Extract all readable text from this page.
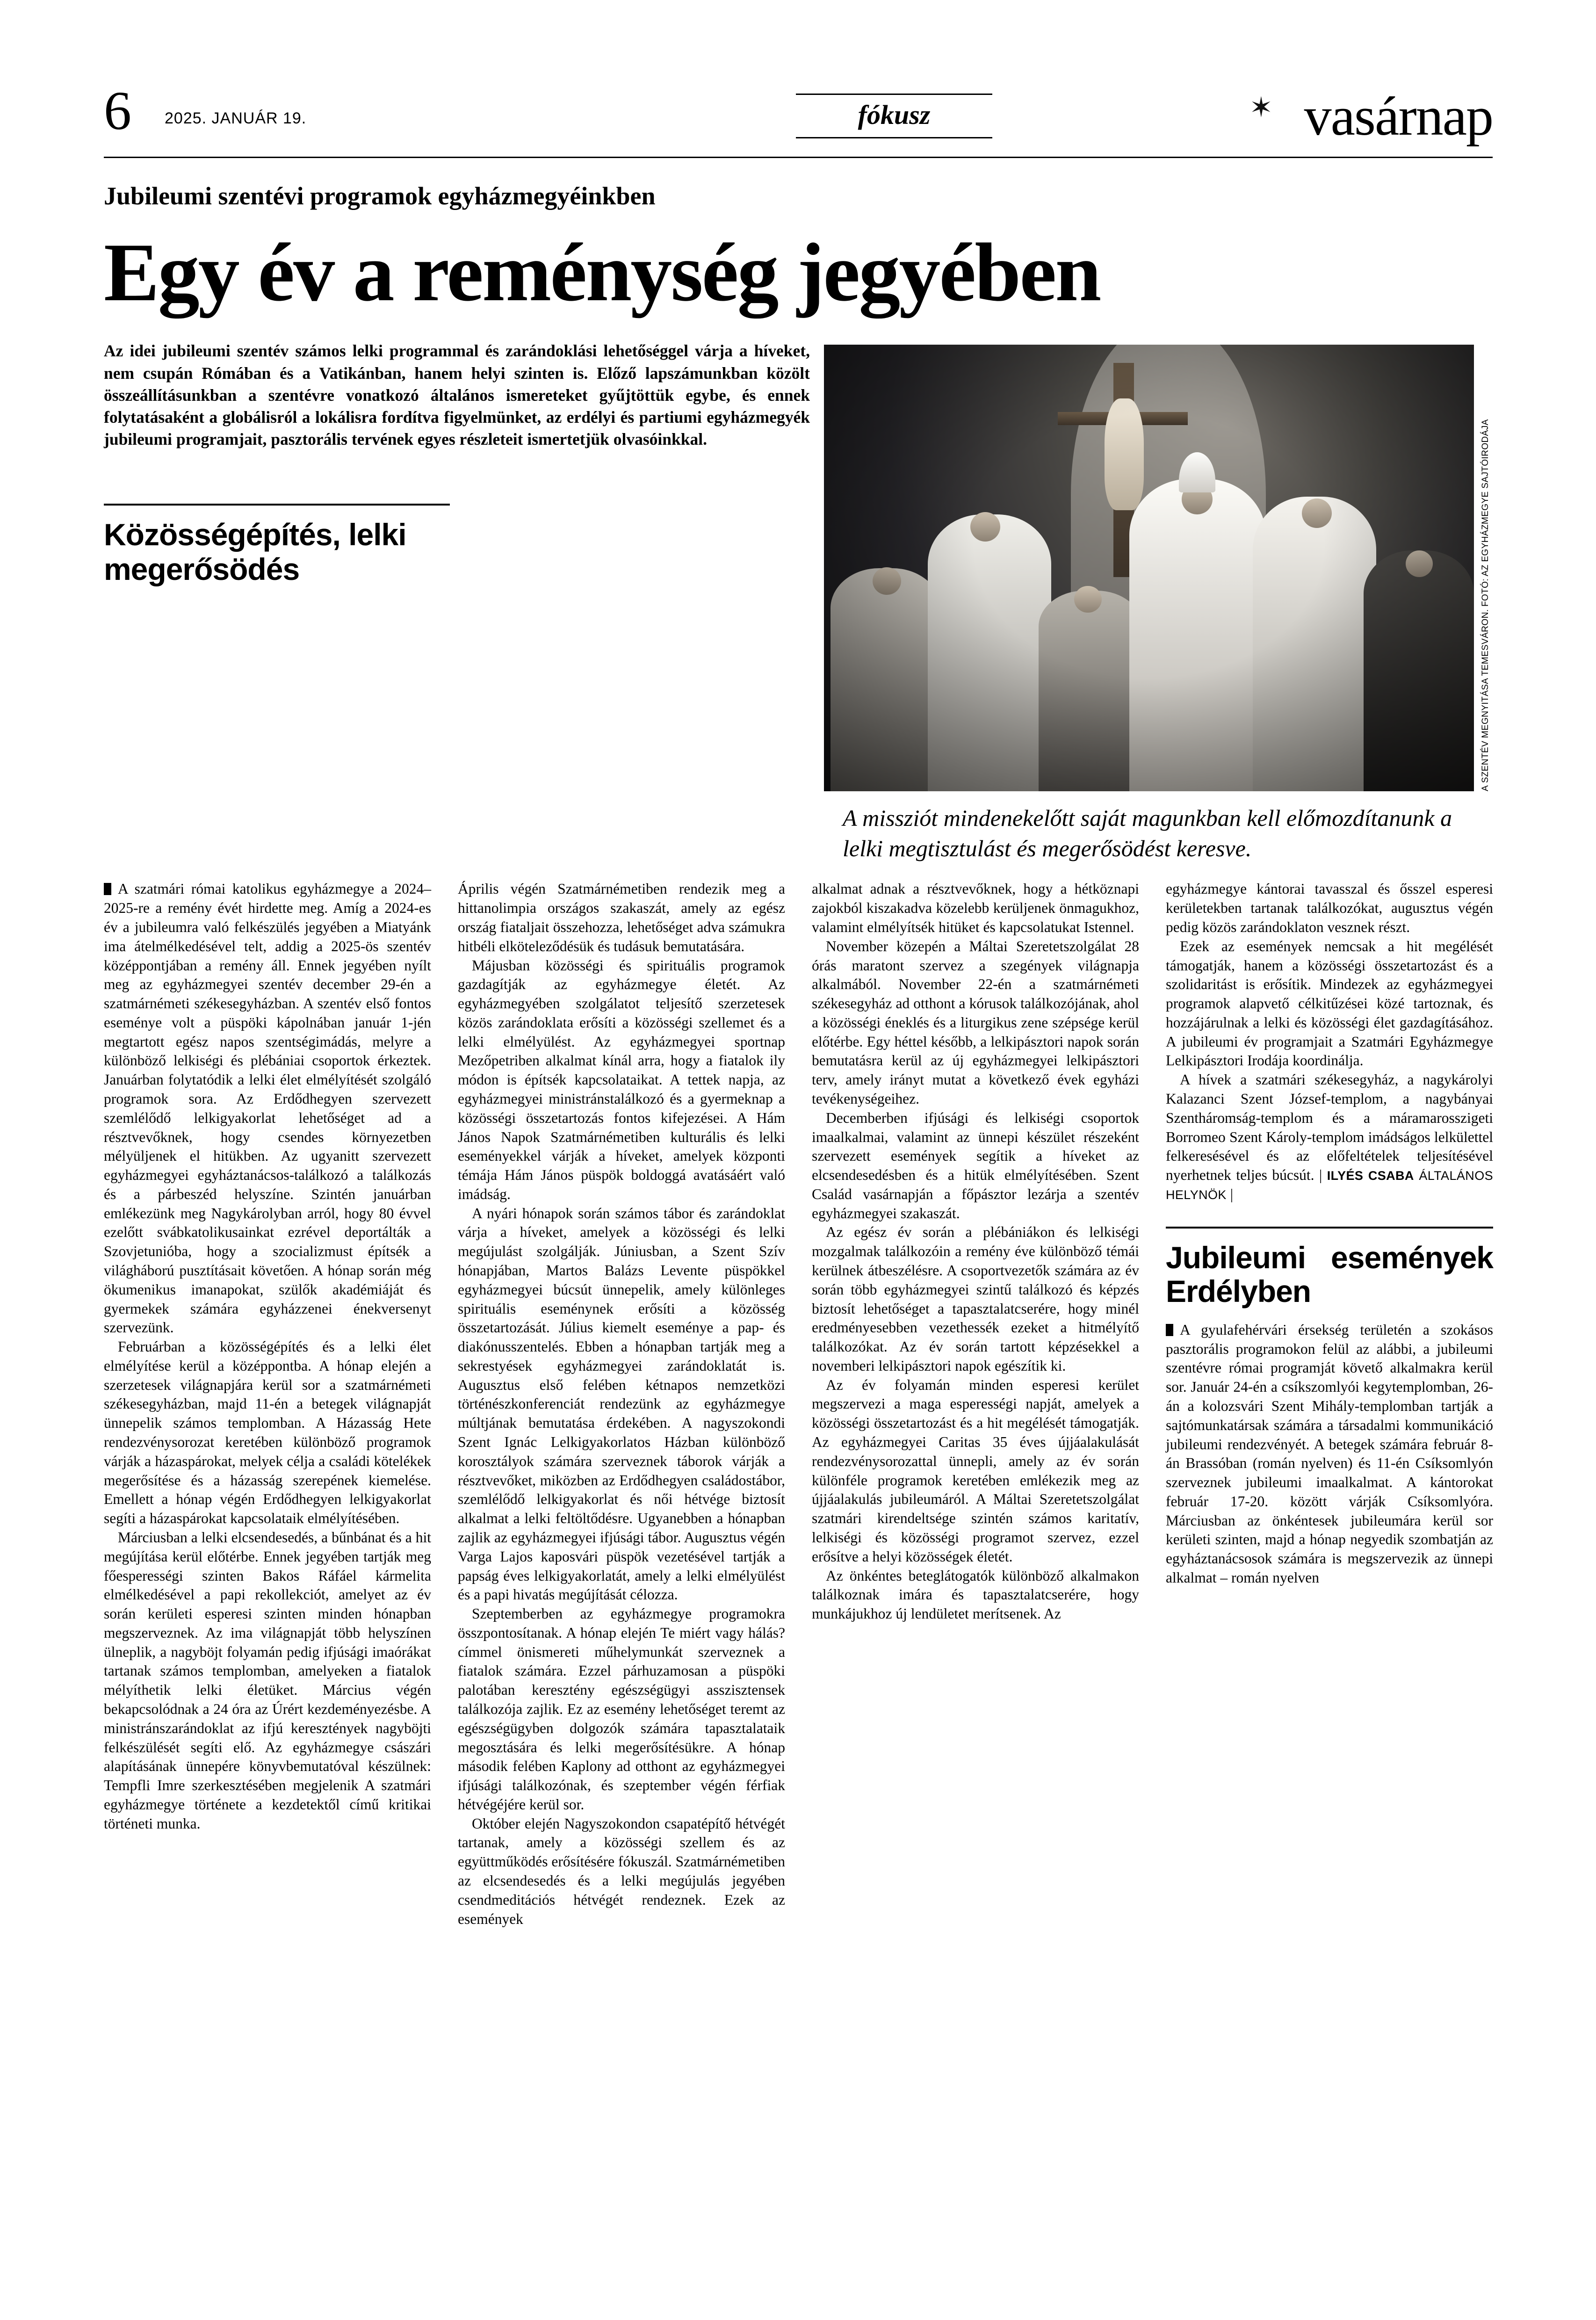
6 2025. JANUÁR 19.	fókusz	✶ vasárnap
Jubileumi szentévi programok egyházmegyéinkben
Egy év a reménység jegyében
Az idei jubileumi szentév számos lelki programmal és zarándoklási lehetőséggel várja a híveket, nem csupán Rómában és a Vatikánban, hanem helyi szinten is. Előző lapszámunkban közölt összeállításunkban a szentévre vonatkozó általános ismereteket gyűjtöttük egybe, és ennek folytatásaként a globálisról a lokálisra fordítva figyelmünket, az erdélyi és partiumi egyházmegyék jubileumi programjait, pasztorális tervének egyes részleteit ismertetjük olvasóinkkal.
Közösségépítés, lelki megerősödés	A SZENTÉV MEGNYITÁSA TEMESVÁRON. FOTÓ: AZ EGYHÁZMEGYE SAJTÓIRODÁJA
A missziót mindenekelőtt saját magunkban kell előmozdítanunk a lelki megtisztulást és megerősödést keresve.

A szatmári római katolikus egyházmegye a 2024–2025-re a remény évét hirdette meg. Amíg a 2024-es év a jubileumra való felkészülés jegyében a Miatyánk ima átelmélkedésével telt, addig a 2025-ös szentév középpontjában a remény áll. Ennek jegyében nyílt meg az egyházmegyei szentév december 29-én a szatmárnémeti székesegyházban. A szentév első fontos eseménye volt a püspöki kápolnában január 1-jén megtartott egész napos szentségimádás, melyre a különböző lelkiségi és plébániai csoportok érkeztek. Januárban folytatódik a lelki élet elmélyítését szolgáló programok sora. Az Erdődhegyen szervezett szemlélődő lelkigyakorlat lehetőséget ad a résztvevőknek, hogy csendes környezetben mélyüljenek el hitükben. Az ugyanitt szervezett egyházmegyei egyháztanácsos-találkozó a találkozás és a párbeszéd helyszíne. Szintén januárban emlékezünk meg Nagykárolyban arról, hogy 80 évvel ezelőtt svábkatolikusainkat ezrével deportálták a Szovjetunióba, hogy a szocializmust építsék a világháború pusztításait követően. A hónap során még ökumenikus imanapokat, szülők akadémiáját és gyermekek számára egyházzenei énekversenyt szervezünk.

Februárban a közösségépítés és a lelki élet elmélyítése kerül a középpontba. A hónap elején a szerzetesek világnapjára kerül sor a szatmárnémeti székesegyházban, majd 11-én a betegek világnapját ünnepelik számos templomban. A Házasság Hete rendezvénysorozat keretében különböző programok várják a házaspárokat, melyek célja a családi kötelékek megerősítése és a házasság szerepének kiemelése. Emellett a hónap végén Erdődhegyen lelkigyakorlat segíti a házaspárokat kapcsolataik elmélyítésében.

Márciusban a lelki elcsendesedés, a bűnbánat és a hit megújítása kerül előtérbe. Ennek jegyében tartják meg főesperességi szinten Bakos Ráfáel kármelita elmélkedésével a papi rekollekciót, amelyet az év során kerületi esperesi szinten minden hónapban megszerveznek. Az ima világnapját több helyszínen ülneplik, a nagyböjt folyamán pedig ifjúsági imaórákat tartanak számos templomban, amelyeken a fiatalok mélyíthetik lelki életüket. Március végén bekapcsolódnak a 24 óra az Úrért kezdeményezésbe. A ministránszarándoklat az ifjú keresztények nagyböjti felkészülését segíti elő. Az egyházmegye császári alapításának ünnepére könyvbemutatóval készülnek: Tempfli Imre szerkesztésében megjelenik A szatmári egyházmegye története a kezdetektől című kritikai történeti munka.

Április végén Szatmárnémetiben rendezik meg a hittanolimpia országos szakaszát, amely az egész ország fiataljait összehozza, lehetőséget adva számukra hitbéli elköteleződésük és tudásuk bemutatására.

Májusban közösségi és spirituális programok gazdagítják az egyházmegye életét. Az egyházmegyében szolgálatot teljesítő szerzetesek közös zarándoklata erősíti a közösségi szellemet és a lelki elmélyülést. Az egyházmegyei sportnap Mezőpetriben alkalmat kínál arra, hogy a fiatalok ily módon is építsék kapcsolataikat. A tettek napja, az egyházmegyei ministránstalálkozó és a gyermeknap a közösségi összetartozás fontos kifejezései. A Hám János Napok Szatmárnémetiben kulturális és lelki eseményekkel várják a híveket, amelyek központi témája Hám János püspök boldoggá avatásáért való imádság.

A nyári hónapok során számos tábor és zarándoklat várja a híveket, amelyek a közösségi és lelki megújulást szolgálják. Júniusban, a Szent Szív hónapjában, Martos Balázs Levente püspökkel egyházmegyei búcsút ünnepelik, amely különleges spirituális eseménynek erősíti a közösség összetartozását. Július kiemelt eseménye a pap- és diakónusszentelés. Ebben a hónapban tartják meg a sekrestyések egyházmegyei zarándoklatát is. Augusztus első felében kétnapos nemzetközi történészkonferenciát rendezünk az egyházmegye múltjának bemutatása érdekében. A nagyszokondi Szent Ignác Lelkigyakorlatos Házban különböző korosztályok számára szerveznek táborok várják a résztvevőket, miközben az Erdődhegyen családostábor, szemlélődő lelkigyakorlat és női hétvége biztosít alkalmat a lelki feltöltődésre. Ugyanebben a hónapban zajlik az egyházmegyei ifjúsági tábor. Augusztus végén Varga Lajos kaposvári püspök vezetésével tartják a papság éves lelkigyakorlatát, amely a lelki elmélyülést és a papi hivatás megújítását célozza.

Szeptemberben az egyházmegye programokra összpontosítanak. A hónap elején Te miért vagy hálás? címmel önismereti műhelymunkát szerveznek a fiatalok számára. Ezzel párhuzamosan a püspöki palotában keresztény egészségügyi asszisztensek találkozója zajlik. Ez az esemény lehetőséget teremt az egészségügyben dolgozók számára tapasztalataik megosztására és lelki megerősítésükre. A hónap második felében Kaplony ad otthont az egyházmegyei ifjúsági találkozónak, és szeptember végén férfiak hétvégéjére kerül sor.

Október elején Nagyszokondon csapatépítő hétvégét tartanak, amely a közösségi szellem és az együttműködés erősítésére fókuszál. Szatmárnémetiben az elcsendesedés és a lelki megújulás jegyében csendmeditációs hétvégét rendeznek. Ezek az események

alkalmat adnak a résztvevőknek, hogy a hétköznapi zajokból kiszakadva közelebb kerüljenek önmagukhoz, valamint elmélyítsék hitüket és kapcsolatukat Istennel.

November közepén a Máltai Szeretetszolgálat 28 órás maratont szervez a szegények világnapja alkalmából. November 22-én a szatmárnémeti székesegyház ad otthont a kórusok találkozójának, ahol a közösségi éneklés és a liturgikus zene szépsége kerül előtérbe. Egy héttel később, a lelkipásztori napok során bemutatásra kerül az új egyházmegyei lelkipásztori terv, amely irányt mutat a következő évek egyházi tevékenységeihez.

Decemberben ifjúsági és lelkiségi csoportok imaalkalmai, valamint az ünnepi készület részeként szervezett események segítik a híveket az elcsendesedésben és a hitük elmélyítésében. Szent Család vasárnapján a főpásztor lezárja a szentév egyházmegyei szakaszát.

Az egész év során a plébániákon és lelkiségi mozgalmak találkozóin a remény éve különböző témái kerülnek átbeszélésre. A csoportvezetők számára az év során több egyházmegyei szintű találkozó és képzés biztosít lehetőséget a tapasztalatcserére, hogy minél eredményesebben vezethessék ezeket a hitmélyítő találkozókat. Az év során tartott képzésekkel a novemberi lelkipásztori napok egészítik ki.

Az év folyamán minden esperesi kerület megszervezi a maga esperességi napját, amelyek a közösségi összetartozást és a hit megélését támogatják. Az egyházmegyei Caritas 35 éves újjáalakulását rendezvénysorozattal ünnepli, amely az év során különféle programok keretében emlékezik meg az újjáalakulás jubileumáról. A Máltai Szeretetszolgálat szatmári kirendeltsége szintén számos karitatív, lelkiségi és közösségi programot szervez, ezzel erősítve a helyi közösségek életét.

Az önkéntes beteglátogatók különböző alkalmakon találkoznak imára és tapasztalatcserére, hogy munkájukhoz új lendületet merítsenek. Az

egyházmegye kántorai tavasszal és ősszel esperesi kerületekben tartanak találkozókat, augusztus végén pedig közös zarándoklaton vesznek részt.

Ezek az események nemcsak a hit megélését támogatják, hanem a közösségi összetartozást és a szolidaritást is erősítik. Mindezek az egyházmegyei programok alapvető célkitűzései közé tartoznak, és hozzájárulnak a lelki és közösségi élet gazdagításához. A jubileumi év programjait a Szatmári Egyházmegye Lelkipásztori Irodája koordinálja.

A hívek a szatmári székesegyház, a nagykárolyi Kalazanci Szent József-templom, a nagybányai Szentháromság-templom és a máramarosszigeti Borromeo Szent Károly-templom imádságos lelkülettel felkeresésével és az előfeltételek teljesítésével nyerhetnek teljes búcsút. | ILYÉS CSABA ÁLTALÁNOS HELYNÖK |

Jubileumi események Erdélyben

A gyulafehérvári érsekség területén a szokásos pasztorális programokon felül az alábbi, a jubileumi szentévre római programját követő alkalmakra kerül sor. Január 24-én a csíkszomlyói kegytemplomban, 26-án a kolozsvári Szent Mihály-templomban tartják a sajtómunkatársak számára a társadalmi kommunikáció jubileumi rendezvényét. A betegek számára február 8-án Brassóban (román nyelven) és 11-én Csíksomlyón szerveznek jubileumi imaalkalmat. A kántorokat február 17-20. között várják Csíksomlyóra. Márciusban az önkéntesek jubileumára kerül sor kerületi szinten, majd a hónap negyedik szombatján az egyháztanácsosok számára is megszervezik az ünnepi alkalmat – román nyelven
